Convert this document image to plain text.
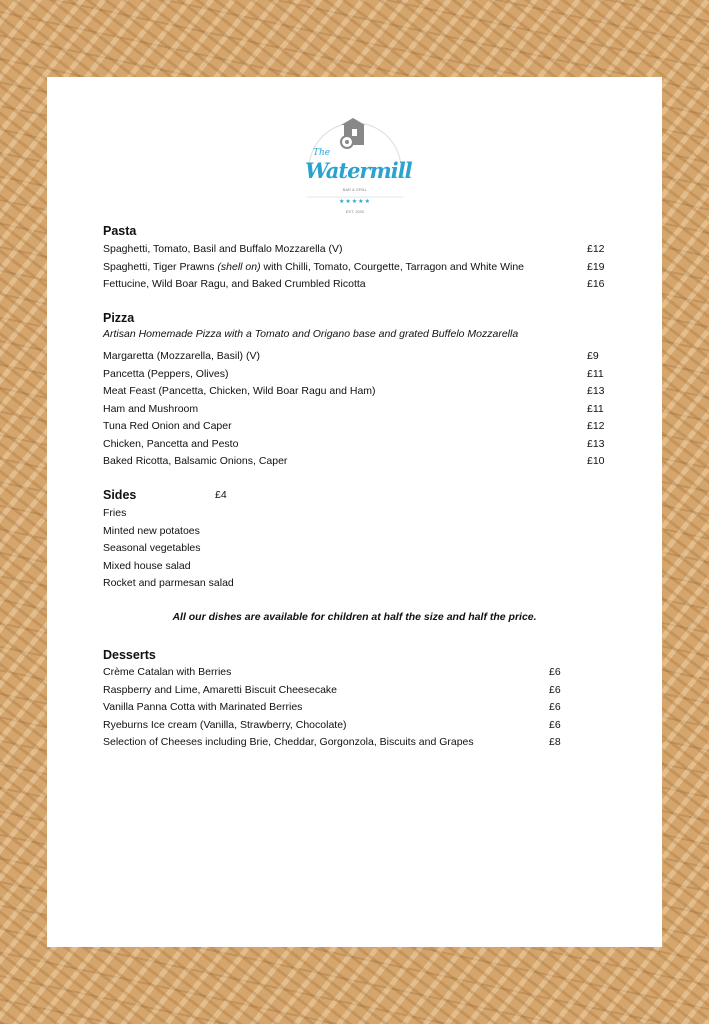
The
Watermill
BAR & GRILL
★★★★★
EST. 2000
Pasta
Spaghetti, Tomato, Basil and Buffalo Mozzarella (V)	£12
Spaghetti, Tiger Prawns (shell on) with Chilli, Tomato, Courgette, Tarragon and White Wine	£19
Fettucine, Wild Boar Ragu, and Baked Crumbled Ricotta	£16
Pizza
Artisan Homemade Pizza with a Tomato and Origano base and grated Buffelo Mozzarella
Margaretta (Mozzarella, Basil) (V)	£9
Pancetta (Peppers, Olives)	£11
Meat Feast (Pancetta, Chicken, Wild Boar Ragu and Ham)	£13
Ham and Mushroom	£11
Tuna Red Onion and Caper	£12
Chicken, Pancetta and Pesto	£13
Baked Ricotta, Balsamic Onions, Caper	£10
Sides	£4
Fries
Minted new potatoes
Seasonal vegetables
Mixed house salad
Rocket and parmesan salad
All our dishes are available for children at half the size and half the price.
Desserts
Crème Catalan with Berries	£6
Raspberry and Lime, Amaretti Biscuit Cheesecake	£6
Vanilla Panna Cotta with Marinated Berries	£6
Ryeburns Ice cream (Vanilla, Strawberry, Chocolate)	£6
Selection of Cheeses including Brie, Cheddar, Gorgonzola, Biscuits and Grapes	£8
